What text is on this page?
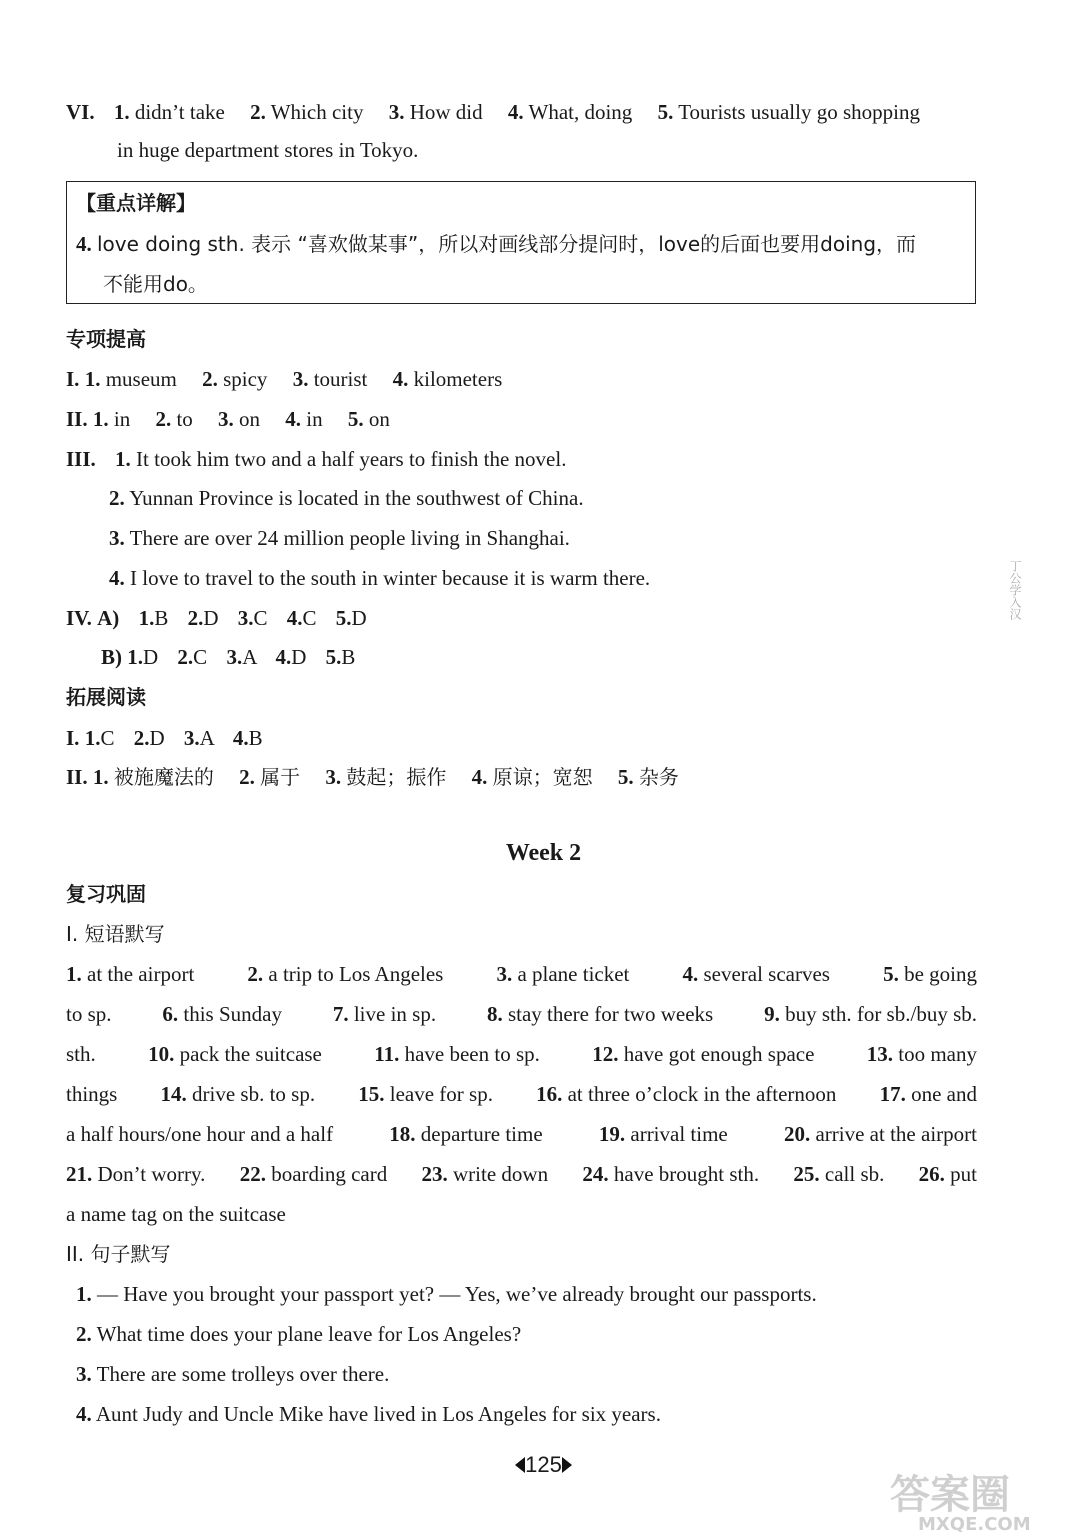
VI. 1. didn’t take 2. Which city 3. How did 4. What, doing 5. Tourists usually go shopping
in huge department stores in Tokyo.
【重点详解】
4. love doing sth. 表示 “喜欢做某事”，所以对画线部分提问时，love的后面也要用doing，而
不能用do。
专项提高
I. 1. museum 2. spicy 3. tourist 4. kilometers
II. 1. in 2. to 3. on 4. in 5. on
III. 1. It took him two and a half years to finish the novel.
2. Yunnan Province is located in the southwest of China.
3. There are over 24 million people living in Shanghai.
4. I love to travel to the south in winter because it is warm there.
IV. A) 1.B 2.D 3.C 4.C 5.D
B) 1.D 2.C 3.A 4.D 5.B
拓展阅读
I. 1.C 2.D 3.A 4.B
II. 1. 被施魔法的 2. 属于 3. 鼓起；振作 4. 原谅；宽恕 5. 杂务
Week 2
复习巩固
I. 短语默写
1. at the airport	2. a trip to Los Angeles	3. a plane ticket	4. several scarves	5. be going
to sp. 6. this Sunday 7. live in sp. 8. stay there for two weeks 9. buy sth. for sb./buy sb.
sth. 10. pack the suitcase 11. have been to sp. 12. have got enough space 13. too many
things 14. drive sb. to sp. 15. leave for sp. 16. at three o’clock in the afternoon 17. one and
a half hours/one hour and a half	18. departure time	19. arrival time	20. arrive at the airport
21. Don’t worry. 22. boarding card 23. write down 24. have brought sth. 25. call sb. 26. put
a name tag on the suitcase
II. 句子默写
1. — Have you brought your passport yet? — Yes, we’ve already brought our passports.
2. What time does your plane leave for Los Angeles?
3. There are some trolleys over there.
4. Aunt Judy and Uncle Mike have lived in Los Angeles for six years.
125
丁公学入汉
答案圈
MXQE.COM
